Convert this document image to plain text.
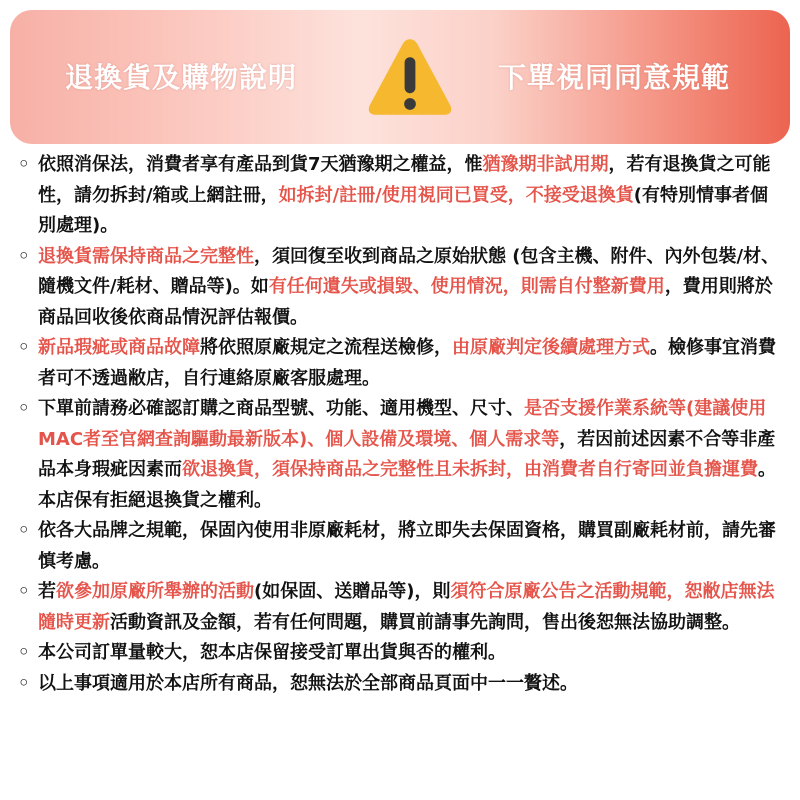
退換貨及購物說明	下單視同同意規範
◦ 依照消保法，消費者享有產品到貨7天猶豫期之權益，惟猶豫期非試用期，若有退換貨之可能性，請勿拆封/箱或上網註冊，如拆封/註冊/使用視同已買受，不接受退換貨(有特別情事者個別處理)。
◦ 退換貨需保持商品之完整性，須回復至收到商品之原始狀態 (包含主機、附件、內外包裝/材、隨機文件/耗材、贈品等)。如有任何遺失或損毀、使用情況，則需自付整新費用，費用則將於商品回收後依商品情況評估報價。
◦ 新品瑕疵或商品故障將依照原廠規定之流程送檢修，由原廠判定後續處理方式。檢修事宜消費者可不透過敝店，自行連絡原廠客服處理。
◦ 下單前請務必確認訂購之商品型號、功能、適用機型、尺寸、是否支援作業系統等(建議使用MAC者至官網查詢驅動最新版本)、個人設備及環境、個人需求等，若因前述因素不合等非產品本身瑕疵因素而欲退換貨，須保持商品之完整性且未拆封，由消費者自行寄回並負擔運費。本店保有拒絕退換貨之權利。
◦ 依各大品牌之規範，保固內使用非原廠耗材，將立即失去保固資格，購買副廠耗材前，請先審慎考慮。
◦ 若欲參加原廠所舉辦的活動(如保固、送贈品等)，則須符合原廠公告之活動規範，恕敝店無法隨時更新活動資訊及金額，若有任何問題，購買前請事先詢問，售出後恕無法協助調整。
◦ 本公司訂單量較大，恕本店保留接受訂單出貨與否的權利。
◦ 以上事項適用於本店所有商品，恕無法於全部商品頁面中一一贅述。
